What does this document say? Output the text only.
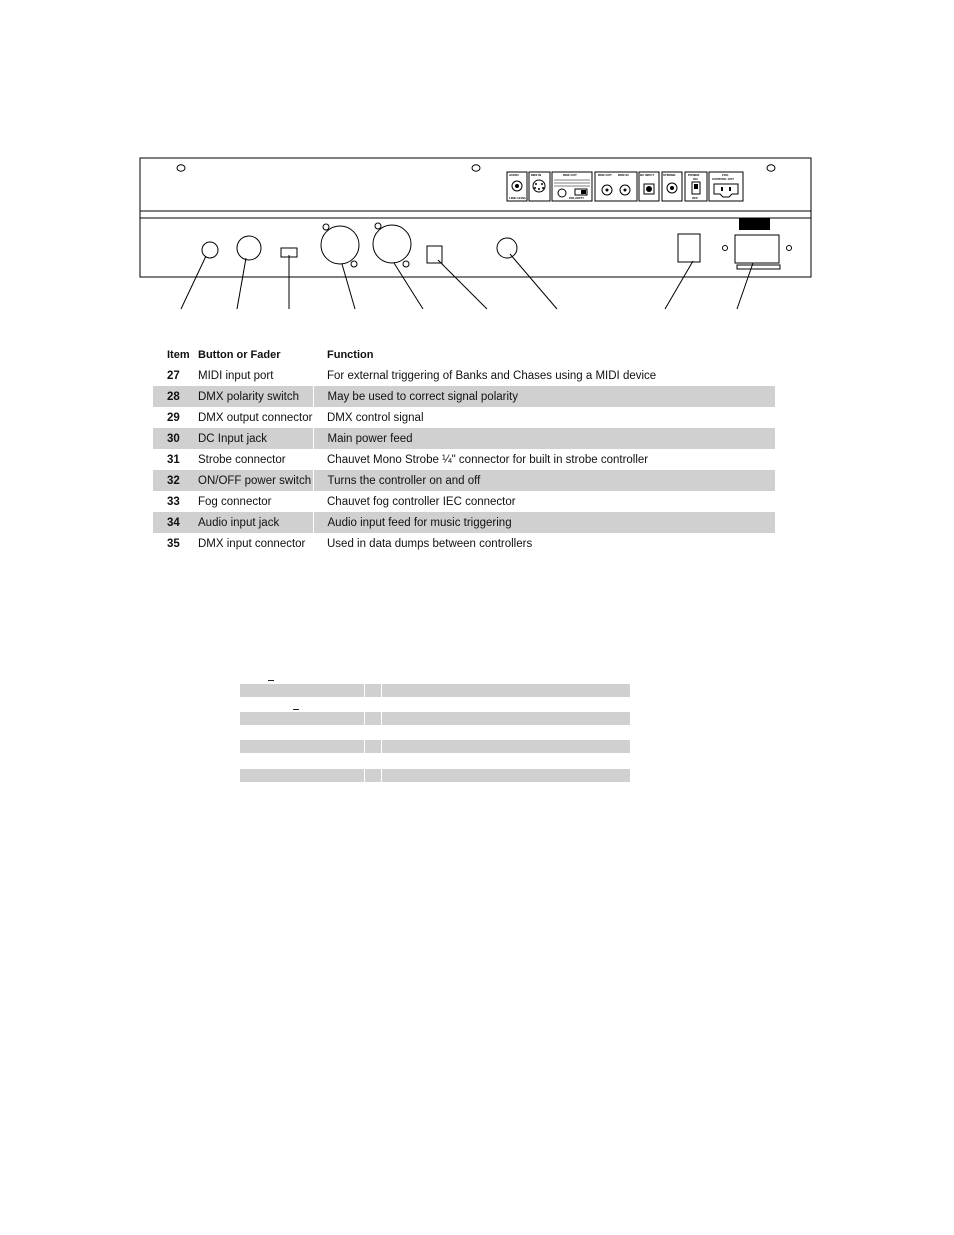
AUDIO
LINE LEVEL
MIDI IN	DMX OUT
POLARITY
DMX OUT DMX IN	DC INPUT	STROBE	POWER
ON
OFF
FOG
CONTROL OUT
Item	Button or Fader	Function
27	MIDI input port	For external triggering of Banks and Chases using a MIDI device
28	DMX polarity switch	May be used to correct signal polarity
29	DMX output connector	DMX control signal
30	DC Input jack	Main power feed
31	Strobe connector	Chauvet Mono Strobe ¼" connector for built in strobe controller
32	ON/OFF power switch	Turns the controller on and off
33	Fog connector	Chauvet fog controller IEC connector
34	Audio input jack	Audio input feed for music triggering
35	DMX input connector	Used in data dumps between controllers
